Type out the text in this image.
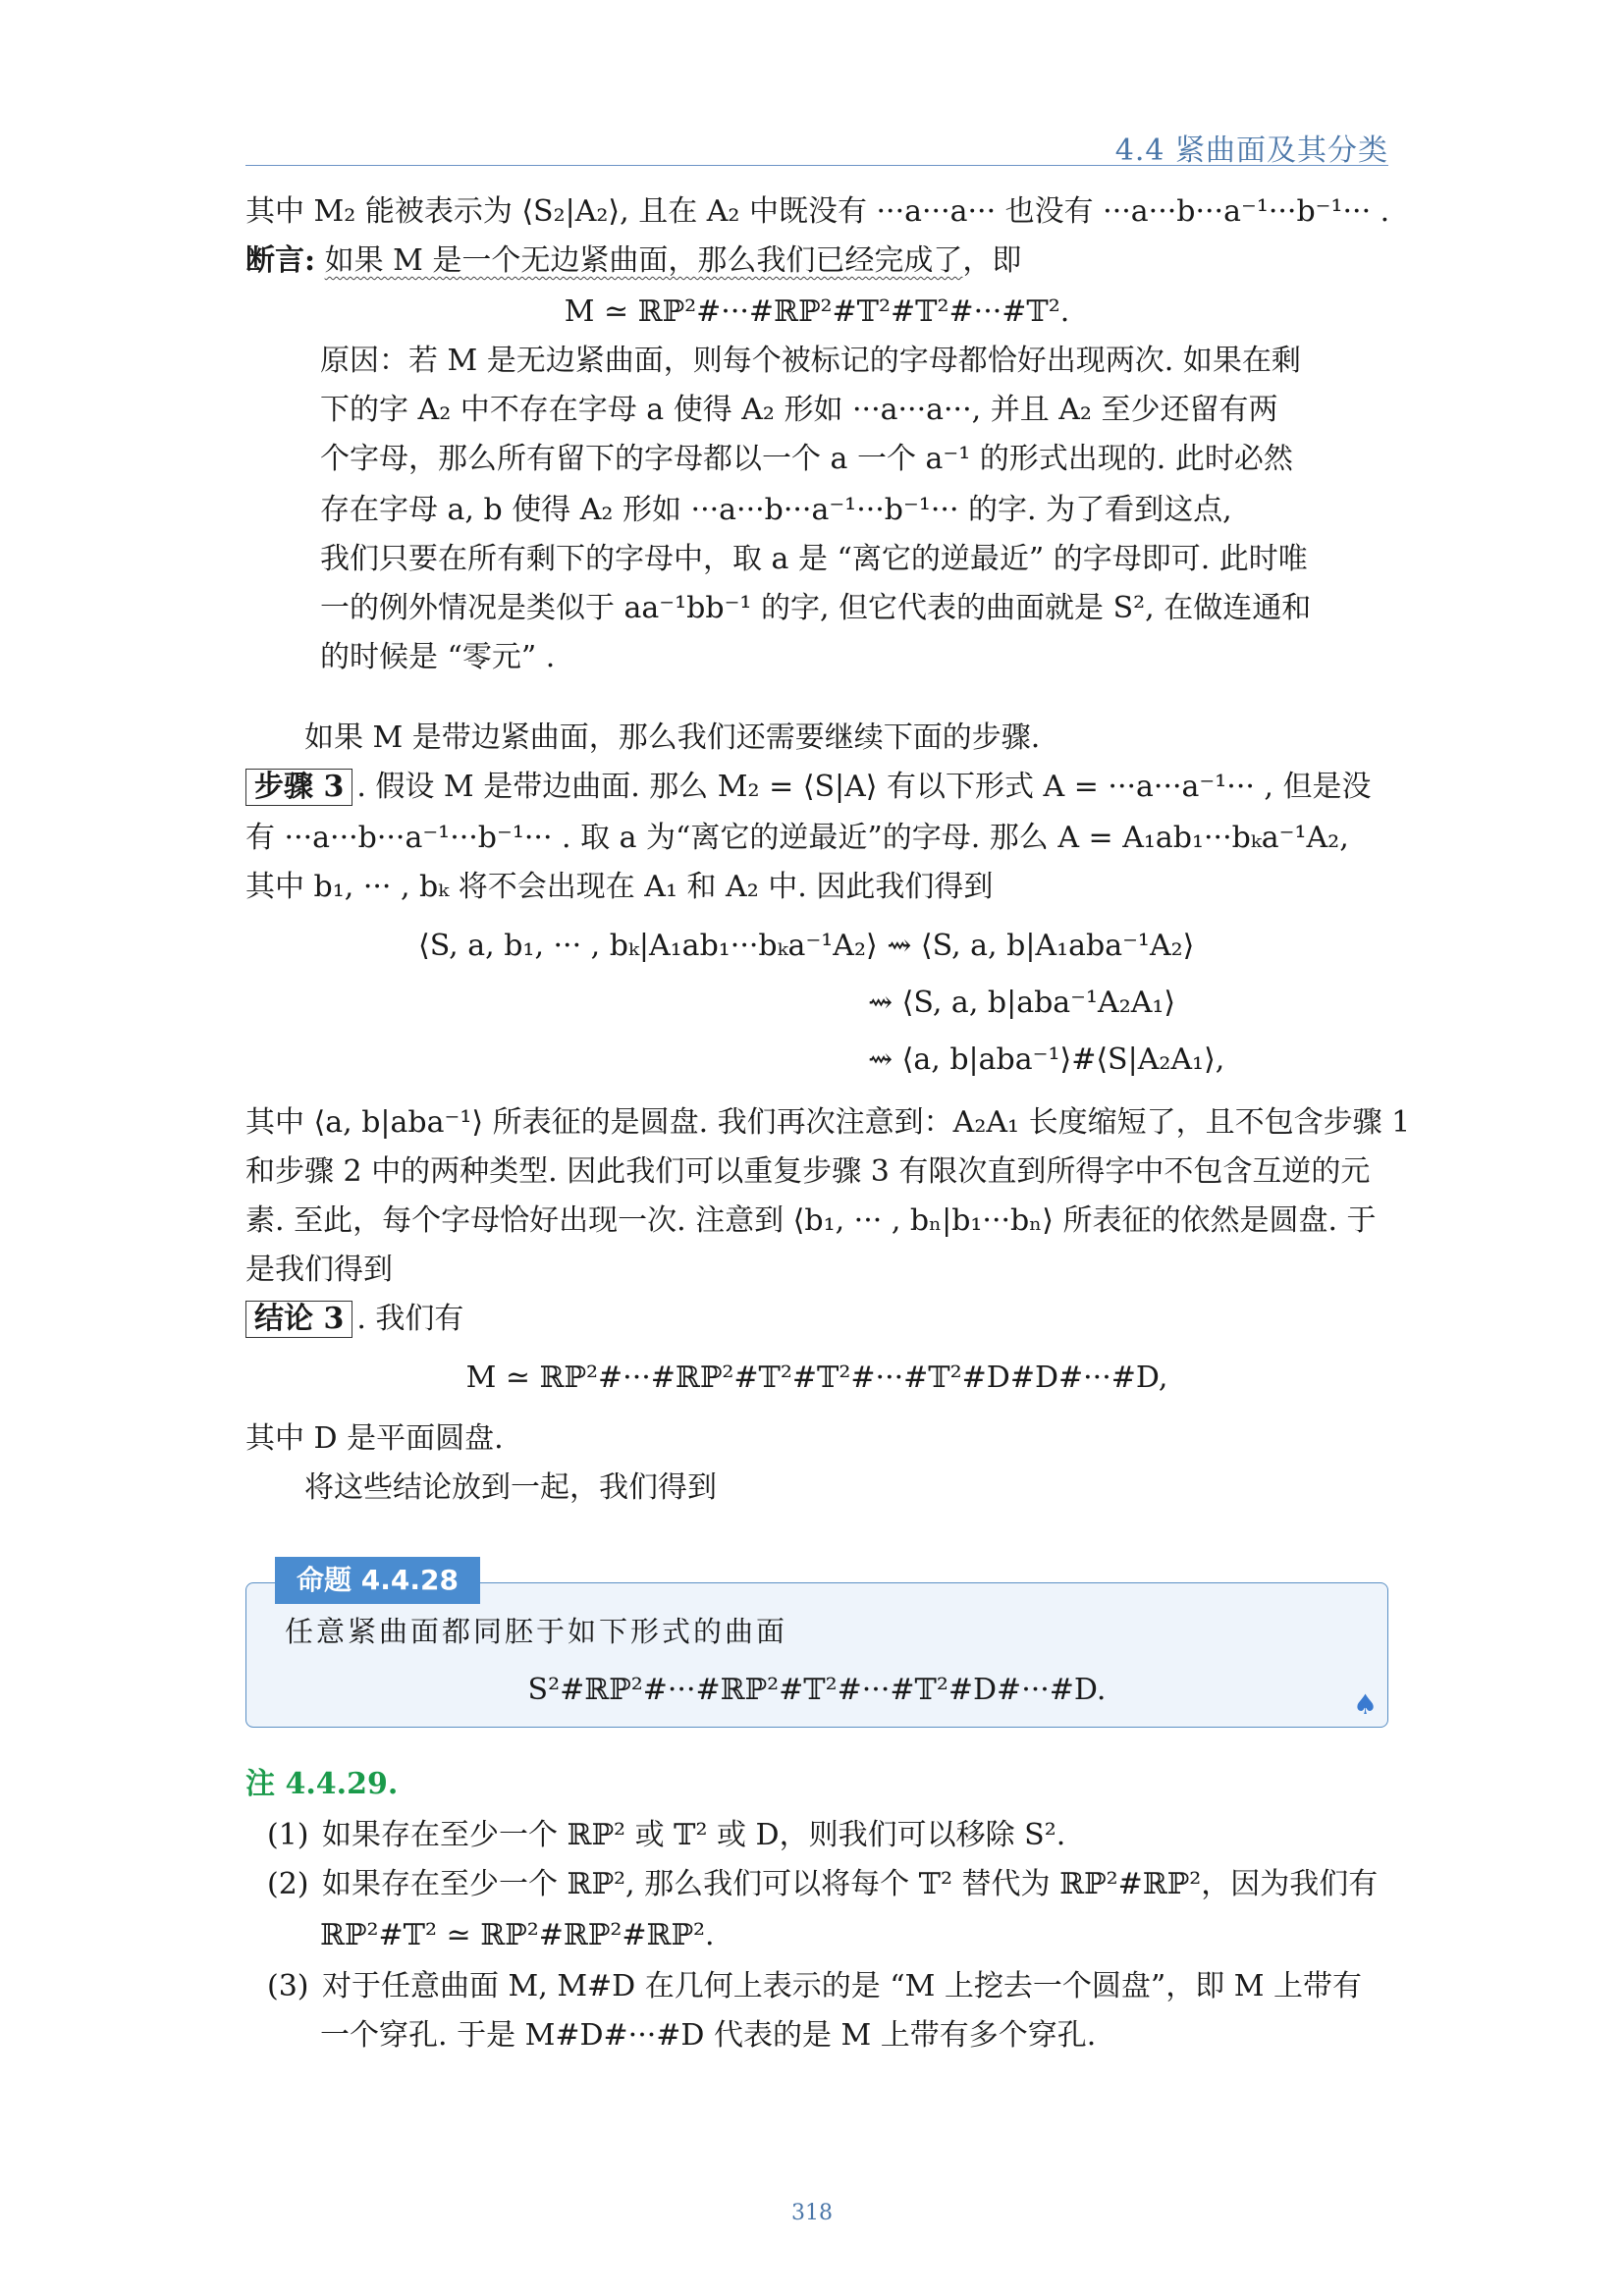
4.4 紧曲面及其分类
其中 M₂ 能被表示为 ⟨S₂|A₂⟩, 且在 A₂ 中既没有 ···a···a··· 也没有 ···a···b···a⁻¹···b⁻¹··· .
断言: 如果 M 是一个无边紧曲面，那么我们已经完成了，即
M ≃ ℝℙ²#···#ℝℙ²#𝕋²#𝕋²#···#𝕋².
原因：若 M 是无边紧曲面，则每个被标记的字母都恰好出现两次. 如果在剩
下的字 A₂ 中不存在字母 a 使得 A₂ 形如 ···a···a···, 并且 A₂ 至少还留有两
个字母，那么所有留下的字母都以一个 a 一个 a⁻¹ 的形式出现的. 此时必然
存在字母 a, b 使得 A₂ 形如 ···a···b···a⁻¹···b⁻¹··· 的字. 为了看到这点,
我们只要在所有剩下的字母中，取 a 是 “离它的逆最近” 的字母即可. 此时唯
一的例外情况是类似于 aa⁻¹bb⁻¹ 的字, 但它代表的曲面就是 S², 在做连通和
的时候是 “零元” .
如果 M 是带边紧曲面，那么我们还需要继续下面的步骤.
步骤 3 . 假设 M 是带边曲面. 那么 M₂ = ⟨S|A⟩ 有以下形式 A = ···a···a⁻¹··· , 但是没
有 ···a···b···a⁻¹···b⁻¹··· . 取 a 为“离它的逆最近”的字母. 那么 A = A₁ab₁···bₖa⁻¹A₂,
其中 b₁, ··· , bₖ 将不会出现在 A₁ 和 A₂ 中. 因此我们得到
⟨S, a, b₁, ··· , bₖ|A₁ab₁···bₖa⁻¹A₂⟩ ⇝ ⟨S, a, b|A₁aba⁻¹A₂⟩
⇝ ⟨S, a, b|aba⁻¹A₂A₁⟩
⇝ ⟨a, b|aba⁻¹⟩#⟨S|A₂A₁⟩,
其中 ⟨a, b|aba⁻¹⟩ 所表征的是圆盘. 我们再次注意到：A₂A₁ 长度缩短了，且不包含步骤 1
和步骤 2 中的两种类型. 因此我们可以重复步骤 3 有限次直到所得字中不包含互逆的元
素. 至此，每个字母恰好出现一次. 注意到 ⟨b₁, ··· , bₙ|b₁···bₙ⟩ 所表征的依然是圆盘. 于
是我们得到
结论 3 . 我们有
M ≃ ℝℙ²#···#ℝℙ²#𝕋²#𝕋²#···#𝕋²#D#D#···#D,
其中 D 是平面圆盘.
将这些结论放到一起，我们得到
命题 4.4.28
任意紧曲面都同胚于如下形式的曲面
S²#ℝℙ²#···#ℝℙ²#𝕋²#···#𝕋²#D#···#D.	♠
注 4.4.29.
(1) 如果存在至少一个 ℝℙ² 或 𝕋² 或 D，则我们可以移除 S².
(2) 如果存在至少一个 ℝℙ², 那么我们可以将每个 𝕋² 替代为 ℝℙ²#ℝℙ²，因为我们有
ℝℙ²#𝕋² ≃ ℝℙ²#ℝℙ²#ℝℙ².
(3) 对于任意曲面 M, M#D 在几何上表示的是 “M 上挖去一个圆盘”，即 M 上带有
一个穿孔. 于是 M#D#···#D 代表的是 M 上带有多个穿孔.
318
